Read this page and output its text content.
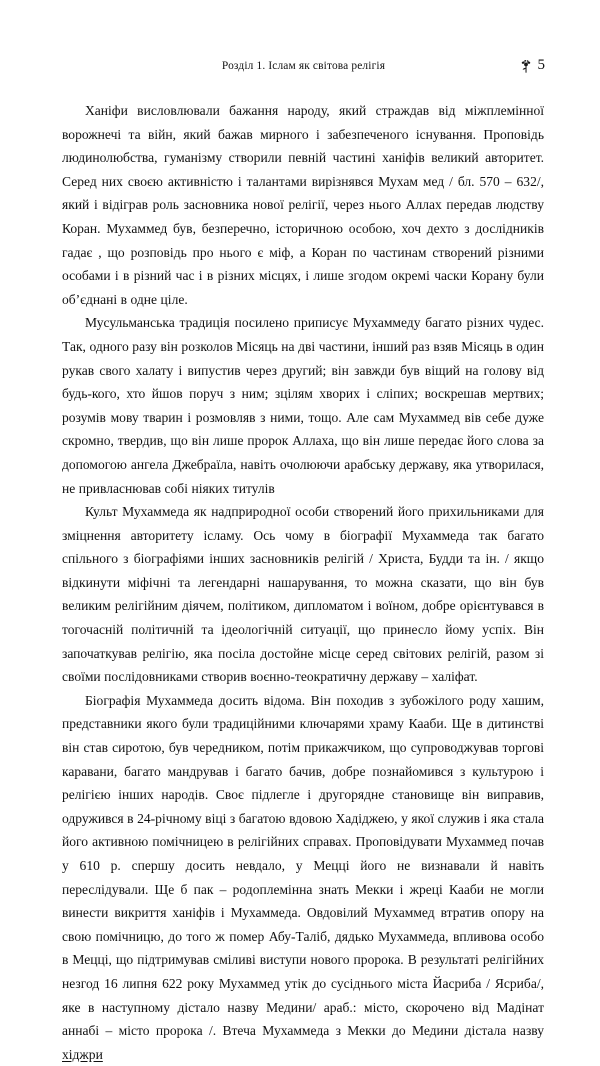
Розділ 1. Іслам як світова релігія	5

Ханіфи висловлювали бажання народу, який страждав від міжплемінної ворожнечі та війн, який бажав мирного і забезпеченого існування. Проповідь людинолюбства, гуманізму створили певній частині ханіфів великий авторитет. Серед них своєю активністю і талантами вирізнявся Мухам мед / бл. 570 – 632/, який і відіграв роль засновника нової релігії, через нього Аллах передав людству Коран. Мухаммед був, безперечно, історичною особою, хоч дехто з дослідників гадає , що розповідь про нього є міф, а Коран по частинам створений різними особами і в різний час і в різних місцях, і лише згодом окремі часки Корану були об’єднані в одне ціле.

Мусульманська традиція посилено приписує Мухаммеду багато різних чудес. Так, одного разу він розколов Місяць на дві частини, інший раз взяв Місяць в один рукав свого халату і випустив через другий; він завжди був віщий на голову від будь-кого, хто йшов поруч з ним; зцілям хворих і сліпих; воскрешав мертвих; розумів мову тварин і розмовляв з ними, тощо. Але сам Мухаммед вів себе дуже скромно, твердив, що він лише пророк Аллаха, що він лише передає його слова за допомогою ангела Джебраїла, навіть очолюючи арабську державу, яка утворилася, не привласнював собі ніяких титулів

Культ Мухаммеда як надприродної особи створений його прихильниками для зміцнення авторитету ісламу. Ось чому в біографії Мухаммеда так багато спільного з біографіями інших засновників релігій / Христа, Будди та ін. / якщо відкинути міфічні та легендарні нашарування, то можна сказати, що він був великим релігійним діячем, політиком, дипломатом і воїном, добре орієнтувався в тогочасній політичній та ідеологічній ситуації, що принесло йому успіх. Він започаткував релігію, яка посіла достойне місце серед світових релігій, разом зі своїми послідовниками створив воєнно-теократичну державу – халіфат.

Біографія Мухаммеда досить відома. Він походив з зубожілого роду хашим, представники якого були традиційними ключарями храму Кааби. Ще в дитинстві він став сиротою, був чередником, потім прикажчиком, що супроводжував торгові каравани, багато мандрував і багато бачив, добре познайомився з культурою і релігією інших народів. Своє підлегле і другорядне становище він виправив, одружився в 24-річному віці з багатою вдовою Хадіджею, у якої служив і яка стала його активною помічницею в релігійних справах. Проповідувати Мухаммед почав у 610 р. спершу досить невдало, у Мецці його не визнавали й навіть переслідували. Ще б пак – родоплемінна знать Мекки і жреці Кааби не могли винести викриття ханіфів і Мухаммеда. Овдовілий Мухаммед втратив опору на свою помічницю, до того ж помер Абу-Таліб, дядько Мухаммеда, впливова особо в Мецці, що підтримував сміливі виступи нового пророка. В результаті релігійних незгод 16 липня 622 року Мухаммед утік до сусіднього міста Йасриба / Ясриба/, яке в наступному дістало назву Медини/ араб.: місто, скорочено від Мадінат аннабі – місто пророка /. Втеча Мухаммеда з Мекки до Медини дістала назву хіджри
